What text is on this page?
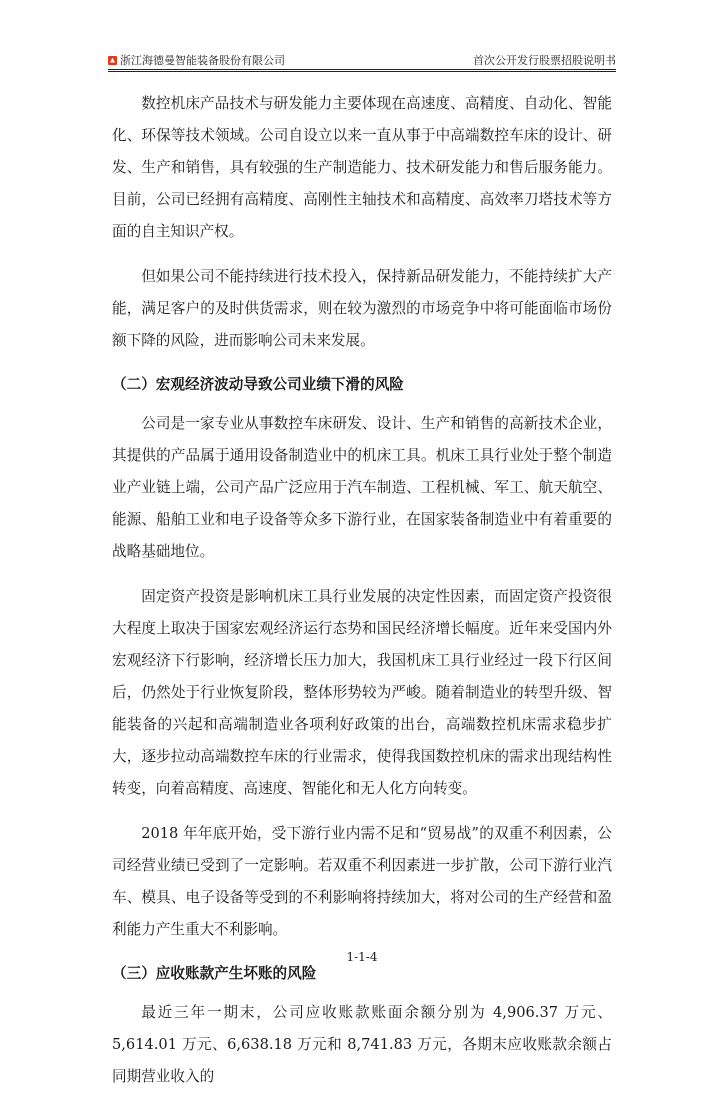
浙江海德曼智能装备股份有限公司	首次公开发行股票招股说明书

数控机床产品技术与研发能力主要体现在高速度、高精度、自动化、智能化、环保等技术领域。公司自设立以来一直从事于中高端数控车床的设计、研发、生产和销售，具有较强的生产制造能力、技术研发能力和售后服务能力。目前，公司已经拥有高精度、高刚性主轴技术和高精度、高效率刀塔技术等方面的自主知识产权。

但如果公司不能持续进行技术投入，保持新品研发能力，不能持续扩大产能，满足客户的及时供货需求，则在较为激烈的市场竞争中将可能面临市场份额下降的风险，进而影响公司未来发展。

（二）宏观经济波动导致公司业绩下滑的风险

公司是一家专业从事数控车床研发、设计、生产和销售的高新技术企业，其提供的产品属于通用设备制造业中的机床工具。机床工具行业处于整个制造业产业链上端，公司产品广泛应用于汽车制造、工程机械、军工、航天航空、能源、船舶工业和电子设备等众多下游行业，在国家装备制造业中有着重要的战略基础地位。

固定资产投资是影响机床工具行业发展的决定性因素，而固定资产投资很大程度上取决于国家宏观经济运行态势和国民经济增长幅度。近年来受国内外宏观经济下行影响，经济增长压力加大，我国机床工具行业经过一段下行区间后，仍然处于行业恢复阶段，整体形势较为严峻。随着制造业的转型升级、智能装备的兴起和高端制造业各项利好政策的出台，高端数控机床需求稳步扩大，逐步拉动高端数控车床的行业需求，使得我国数控机床的需求出现结构性转变，向着高精度、高速度、智能化和无人化方向转变。

2018 年年底开始，受下游行业内需不足和“贸易战”的双重不利因素，公司经营业绩已受到了一定影响。若双重不利因素进一步扩散，公司下游行业汽车、模具、电子设备等受到的不利影响将持续加大，将对公司的生产经营和盈利能力产生重大不利影响。

（三）应收账款产生坏账的风险

最近三年一期末，公司应收账款账面余额分别为 4,906.37 万元、5,614.01 万元、6,638.18 万元和 8,741.83 万元，各期末应收账款余额占同期营业收入的

1-1-4
